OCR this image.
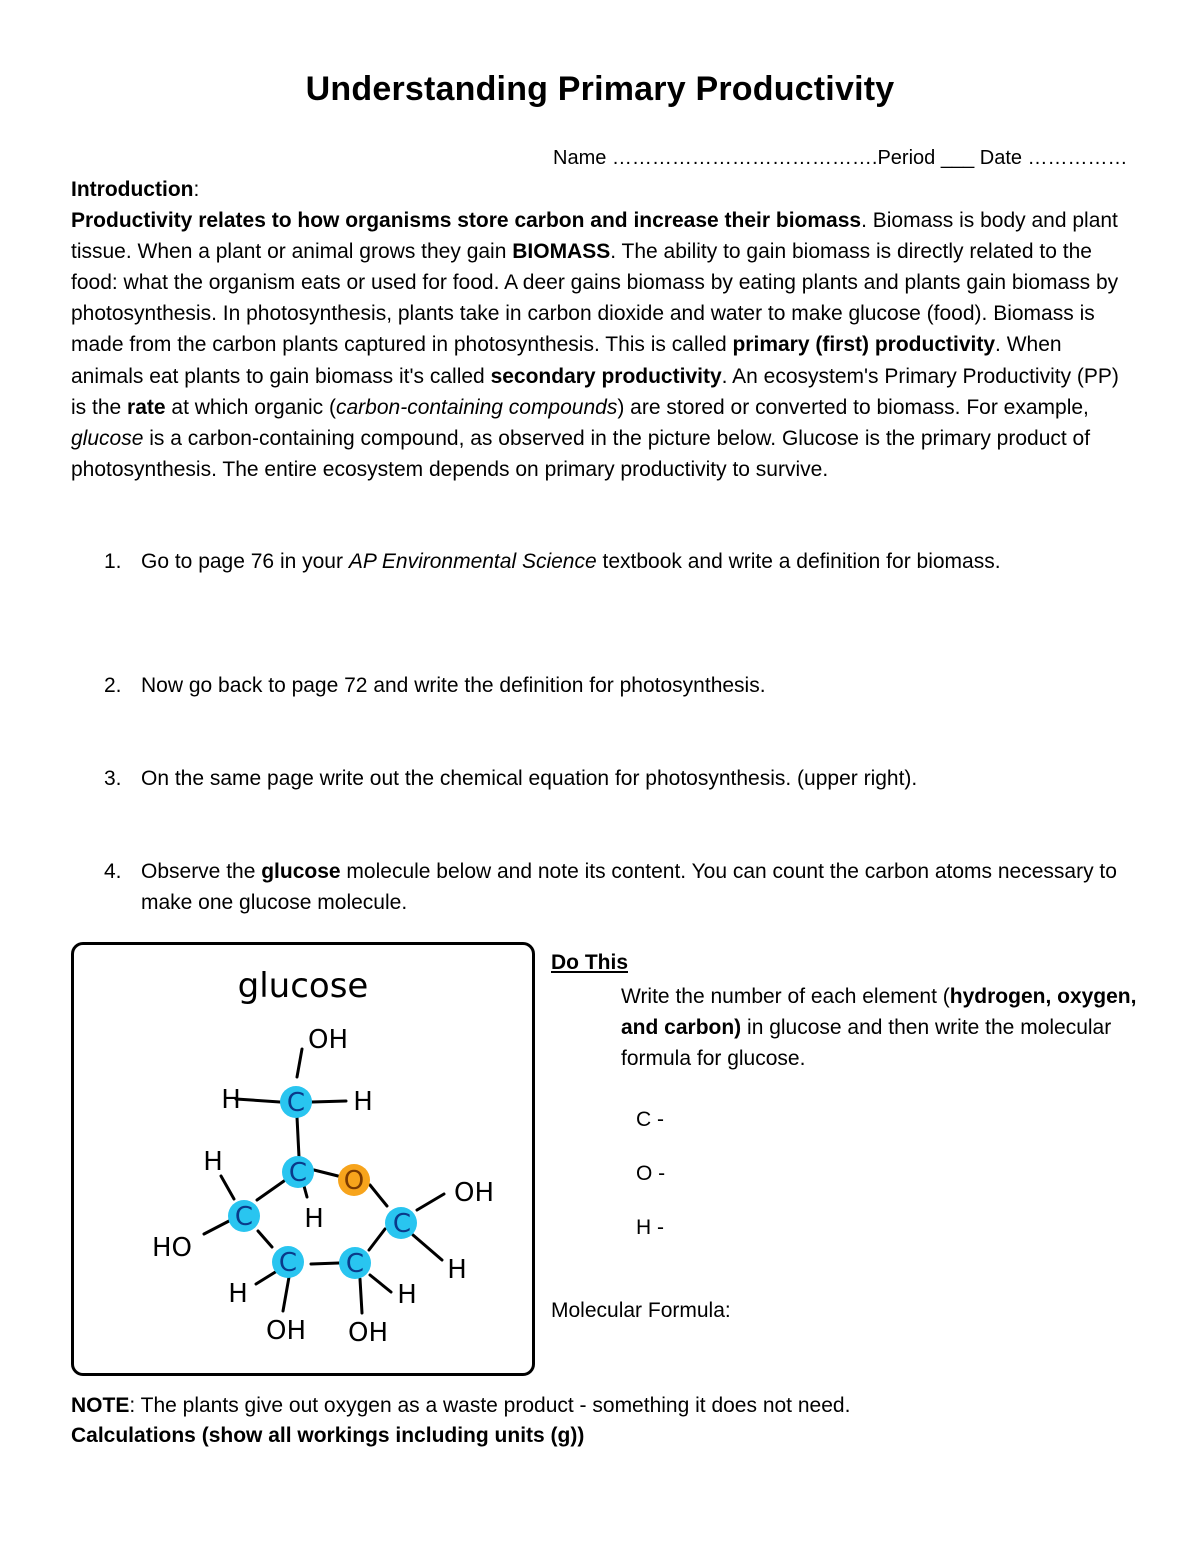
Understanding Primary Productivity
Name ………………………………….Period ___ Date ……………

Introduction:

Productivity relates to how organisms store carbon and increase their biomass. Biomass is body and plant tissue. When a plant or animal grows they gain BIOMASS. The ability to gain biomass is directly related to the food: what the organism eats or used for food. A deer gains biomass by eating plants and plants gain biomass by photosynthesis. In photosynthesis, plants take in carbon dioxide and water to make glucose (food). Biomass is made from the carbon plants captured in photosynthesis. This is called primary (first) productivity. When animals eat plants to gain biomass it's called secondary productivity. An ecosystem's Primary Productivity (PP) is the rate at which organic (carbon-containing compounds) are stored or converted to biomass. For example, glucose is a carbon-containing compound, as observed in the picture below. Glucose is the primary product of photosynthesis. The entire ecosystem depends on primary productivity to survive.

1. Go to page 76 in your AP Environmental Science textbook and write a definition for biomass.
2. Now go back to page 72 and write the definition for photosynthesis.
3. On the same page write out the chemical equation for photosynthesis. (upper right).
4. Observe the glucose molecule below and note its content. You can count the carbon atoms necessary to make one glucose molecule.
glucose
C
C O
C
C
C C
OH
H	H
H
H
OH
HO
H
H	H
OH OH
Do This
Write the number of each element (hydrogen, oxygen, and carbon) in glucose and then write the molecular formula for glucose.
C -
O -
H -
Molecular Formula:
NOTE: The plants give out oxygen as a waste product - something it does not need.
Calculations (show all workings including units (g))
